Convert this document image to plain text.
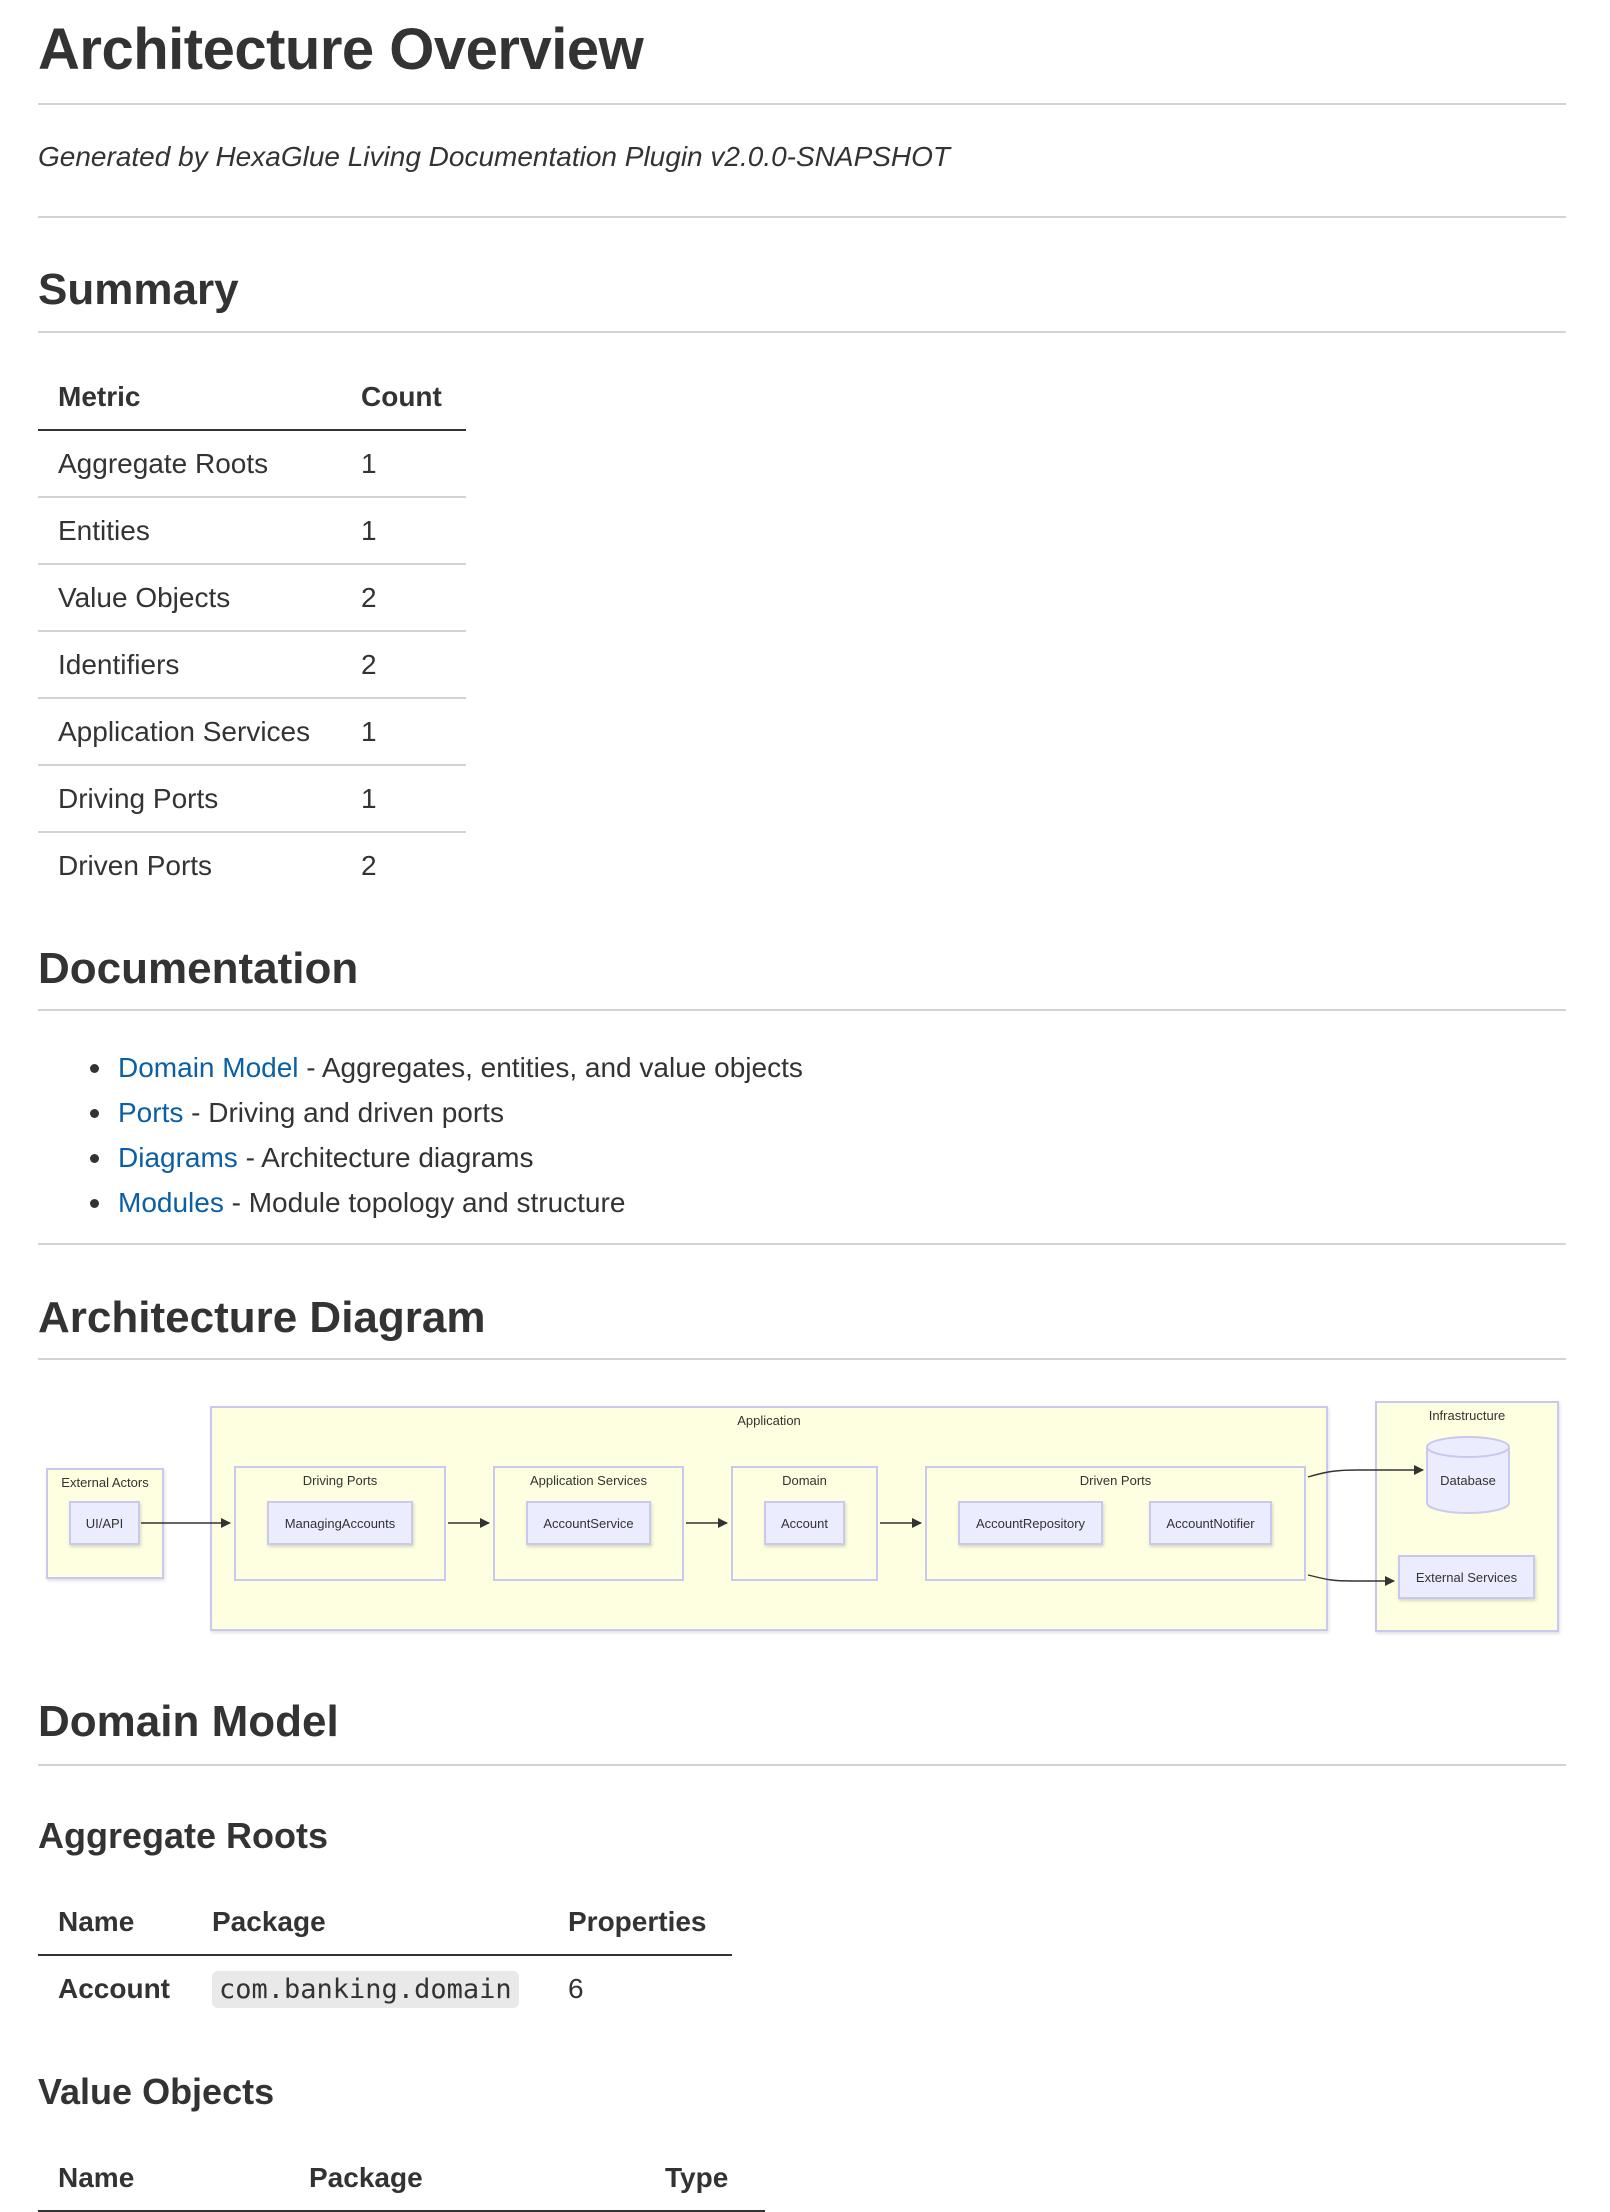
Architecture Overview

Generated by HexaGlue Living Documentation Plugin v2.0.0-SNAPSHOT

Summary
Metric	Count
Aggregate Roots	1
Entities	1
Value Objects	2
Identifiers	2
Application Services	1
Driving Ports	1
Driven Ports	2
Documentation
Domain Model - Aggregates, entities, and value objects
Ports - Driving and driven ports
Diagrams - Architecture diagrams
Modules - Module topology and structure
Architecture Diagram
External Actors
UI/API
Application
Driving Ports
ManagingAccounts
Application Services
AccountService
Domain
Account
Driven Ports
AccountRepository	AccountNotifier
Infrastructure
Database
External Services
Domain Model
Aggregate Roots
Name	Package	Properties
Account	com.banking.domain	6
Value Objects
Name	Package	Type
